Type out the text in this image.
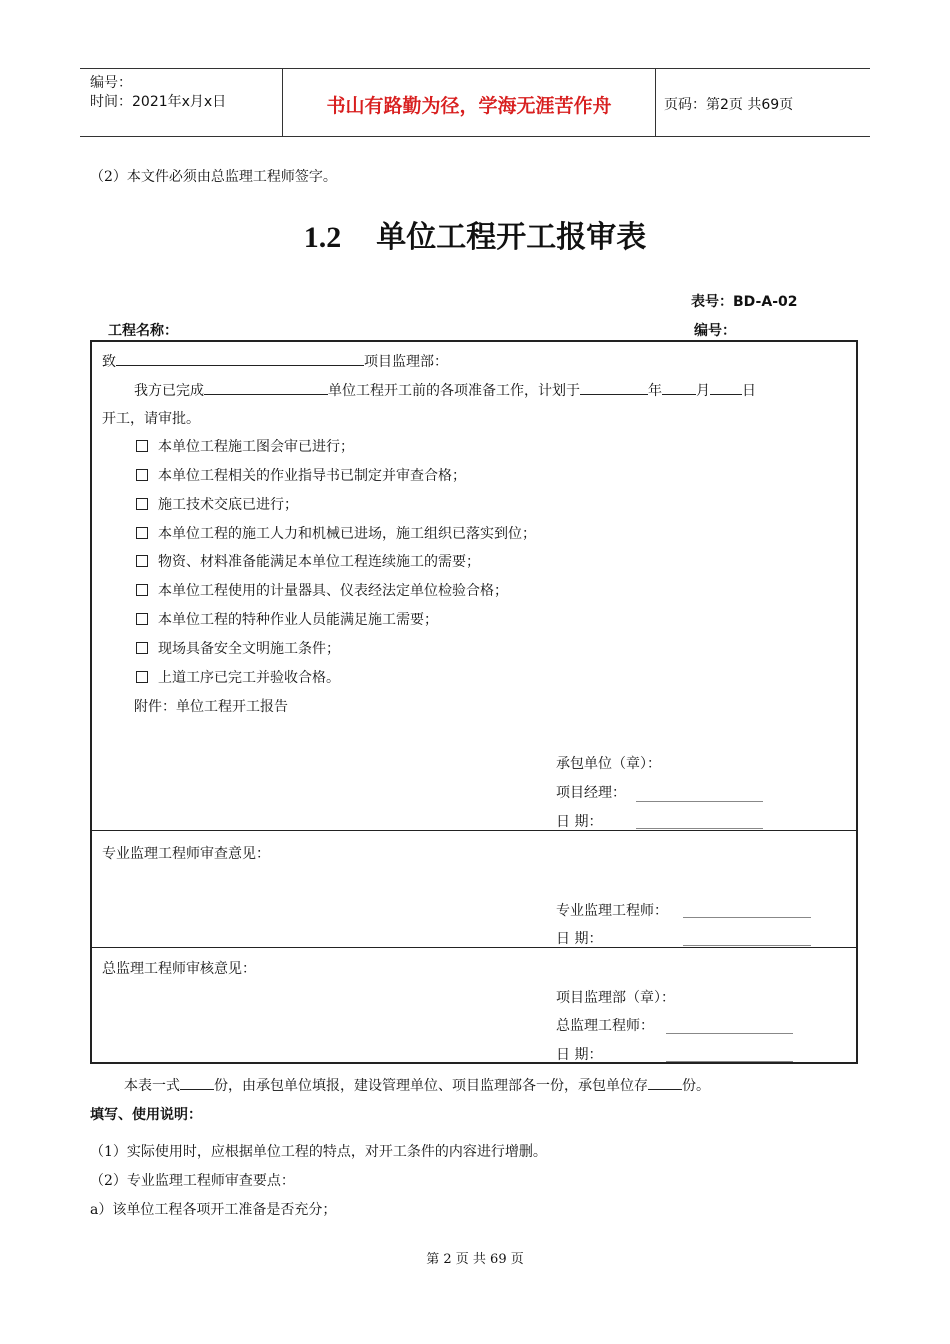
编号：
时间：2021年x月x日	书山有路勤为径，学海无涯苦作舟	页码：第2页 共69页
（2）本文件必须由总监理工程师签字。
1.2 单位工程开工报审表
表号：BD-A-02
工程名称：	编号：
致	项目监理部：
我方已完成	单位工程开工前的各项准备工作，计划于	年 月 日
开工，请审批。
本单位工程施工图会审已进行；
本单位工程相关的作业指导书已制定并审查合格；
施工技术交底已进行；
本单位工程的施工人力和机械已进场，施工组织已落实到位；
物资、材料准备能满足本单位工程连续施工的需要；
本单位工程使用的计量器具、仪表经法定单位检验合格；
本单位工程的特种作业人员能满足施工需要；
现场具备安全文明施工条件；
上道工序已完工并验收合格。
附件：单位工程开工报告
承包单位（章）：
项目经理：
日 期：
专业监理工程师审查意见：
专业监理工程师：
日 期：
总监理工程师审核意见：
项目监理部（章）：
总监理工程师：
日 期：
本表一式 份，由承包单位填报，建设管理单位、项目监理部各一份，承包单位存 份。
填写、使用说明：
（1）实际使用时，应根据单位工程的特点，对开工条件的内容进行增删。
（2）专业监理工程师审查要点：
a）该单位工程各项开工准备是否充分；
第 2 页 共 69 页
